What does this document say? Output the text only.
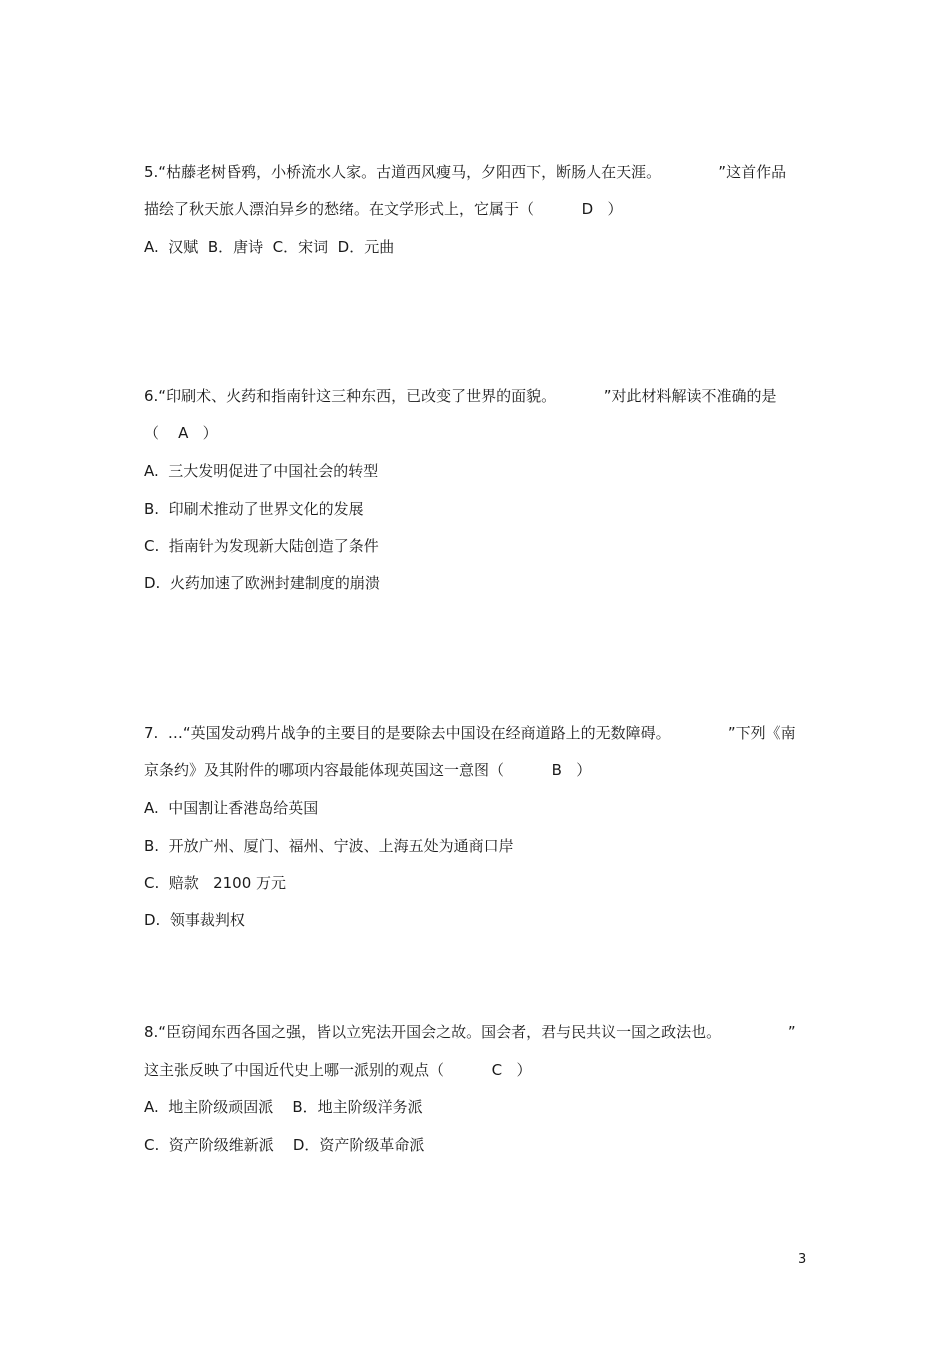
5.“枯藤老树昏鸦，小桥流水人家。古道西风瘦马，夕阳西下，断肠人在天涯。            ”这首作品
描绘了秋天旅人漂泊异乡的愁绪。在文学形式上，它属于（          D   ）
A.  汉赋  B．唐诗  C．宋词  D．元曲
6.“印刷术、火药和指南针这三种东西，已改变了世界的面貌。          ”对此材料解读不准确的是
（    A   ）
A.  三大发明促进了中国社会的转型
B.  印刷术推动了世界文化的发展
C.  指南针为发现新大陆创造了条件
D.  火药加速了欧洲封建制度的崩溃
7.  …“英国发动鸦片战争的主要目的是要除去中国设在经商道路上的无数障碍。            ”下列《南
京条约》及其附件的哪项内容最能体现英国这一意图（          B   ）
A.  中国割让香港岛给英国
B.  开放广州、厦门、福州、宁波、上海五处为通商口岸
C.  赔款   2100 万元
D.  领事裁判权
8.“臣窃闻东西各国之强，皆以立宪法开国会之故。国会者，君与民共议一国之政法也。              ”
这主张反映了中国近代史上哪一派别的观点（          C   ）
A.  地主阶级顽固派    B．地主阶级洋务派
C.  资产阶级维新派    D．资产阶级革命派
3
